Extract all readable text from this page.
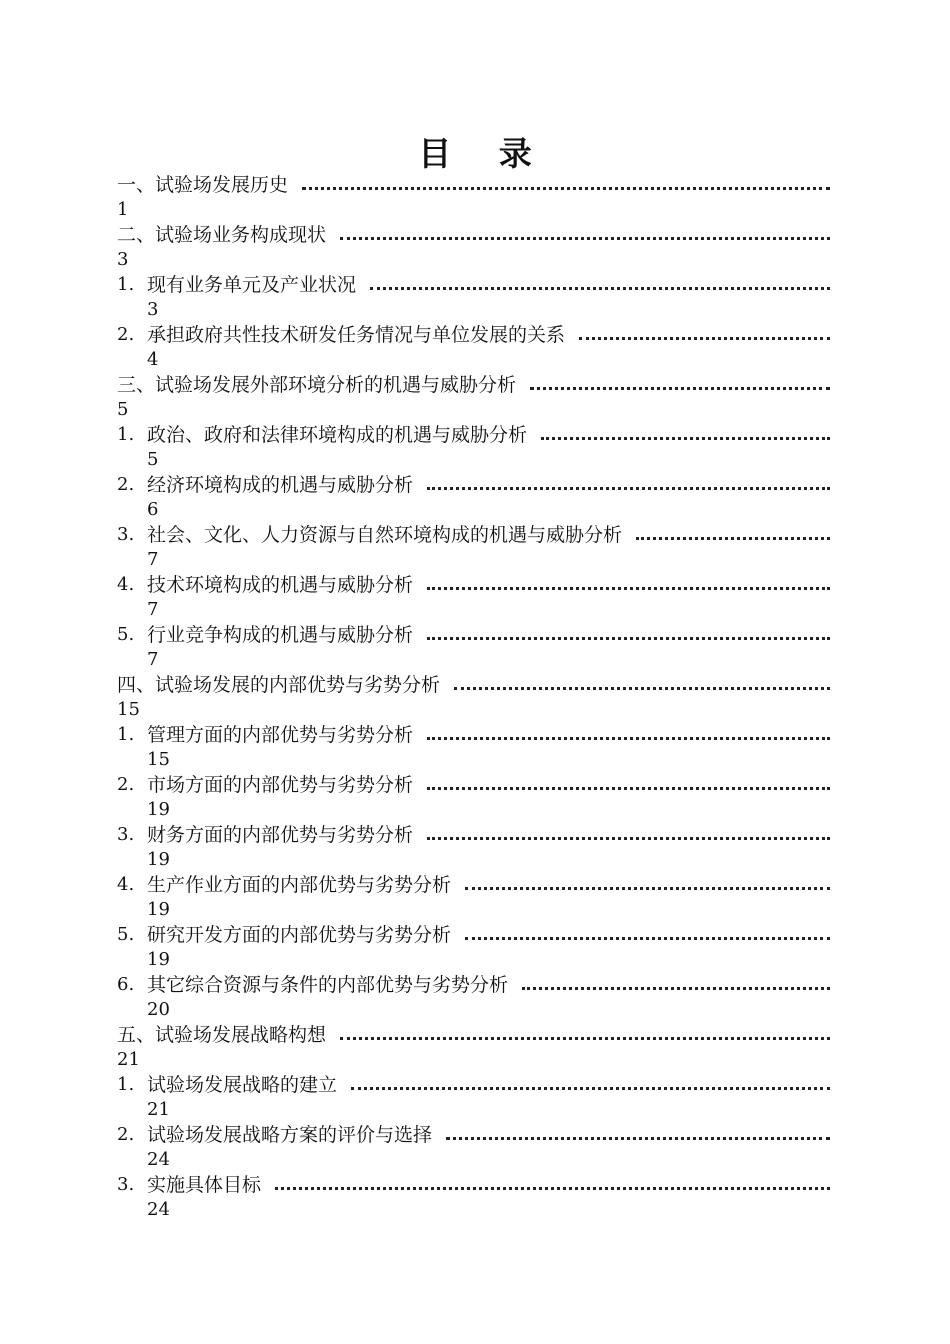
目 录
一、试验场发展历史
1
二、试验场业务构成现状
3
1. 现有业务单元及产业状况
3
2. 承担政府共性技术研发任务情况与单位发展的关系
4
三、试验场发展外部环境分析的机遇与威胁分析
5
1. 政治、政府和法律环境构成的机遇与威胁分析
5
2. 经济环境构成的机遇与威胁分析
6
3. 社会、文化、人力资源与自然环境构成的机遇与威胁分析
7
4. 技术环境构成的机遇与威胁分析
7
5. 行业竞争构成的机遇与威胁分析
7
四、试验场发展的内部优势与劣势分析
15
1. 管理方面的内部优势与劣势分析
15
2. 市场方面的内部优势与劣势分析
19
3. 财务方面的内部优势与劣势分析
19
4. 生产作业方面的内部优势与劣势分析
19
5. 研究开发方面的内部优势与劣势分析
19
6. 其它综合资源与条件的内部优势与劣势分析
20
五、试验场发展战略构想
21
1. 试验场发展战略的建立
21
2. 试验场发展战略方案的评价与选择
24
3. 实施具体目标
24
